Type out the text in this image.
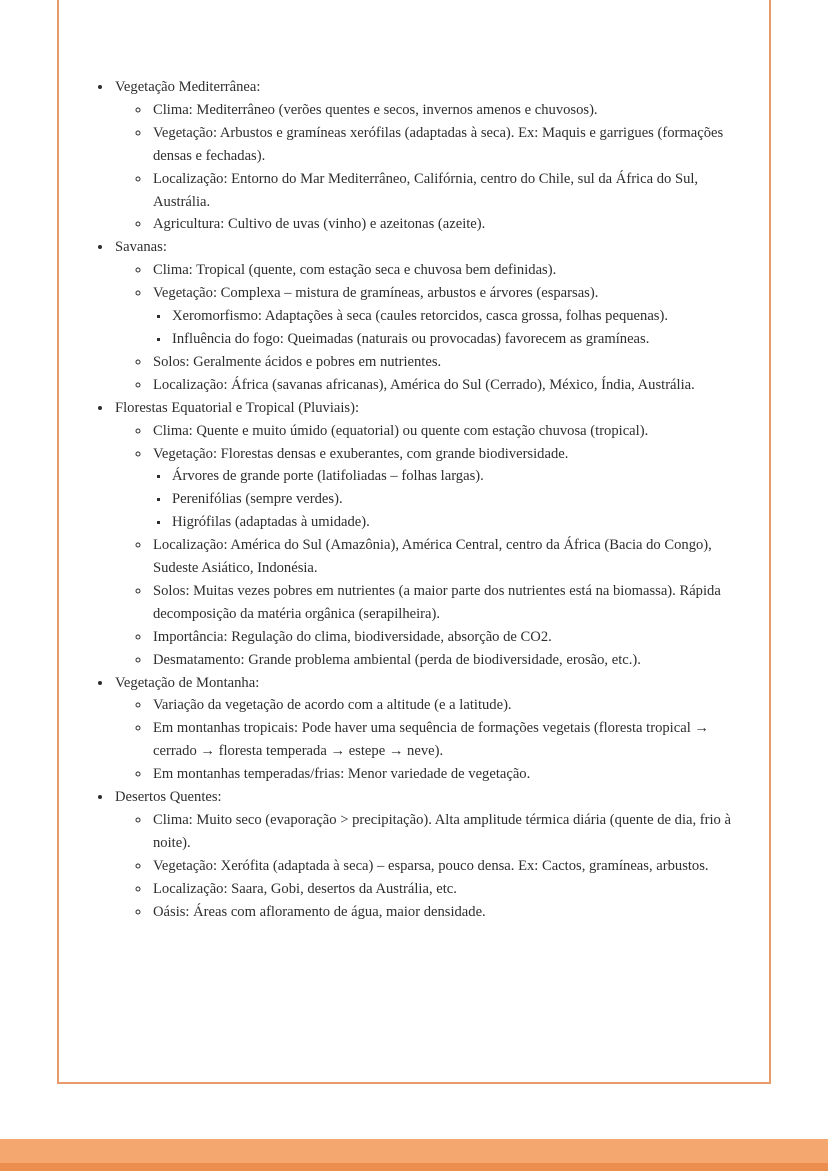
• Vegetação Mediterrânea:
◦ Clima: Mediterrâneo (verões quentes e secos, invernos amenos e chuvosos).
◦ Vegetação: Arbustos e gramíneas xerófilas (adaptadas à seca). Ex: Maquis e garrigues (formações densas e fechadas).
◦ Localização: Entorno do Mar Mediterrâneo, Califórnia, centro do Chile, sul da África do Sul, Austrália.
◦ Agricultura: Cultivo de uvas (vinho) e azeitonas (azeite).
• Savanas:
◦ Clima: Tropical (quente, com estação seca e chuvosa bem definidas).
◦ Vegetação: Complexa – mistura de gramíneas, arbustos e árvores (esparsas).
▪ Xeromorfismo: Adaptações à seca (caules retorcidos, casca grossa, folhas pequenas).
▪ Influência do fogo: Queimadas (naturais ou provocadas) favorecem as gramíneas.
◦ Solos: Geralmente ácidos e pobres em nutrientes.
◦ Localização: África (savanas africanas), América do Sul (Cerrado), México, Índia, Austrália.
• Florestas Equatorial e Tropical (Pluviais):
◦ Clima: Quente e muito úmido (equatorial) ou quente com estação chuvosa (tropical).
◦ Vegetação: Florestas densas e exuberantes, com grande biodiversidade.
▪ Árvores de grande porte (latifoliadas – folhas largas).
▪ Perenifólias (sempre verdes).
▪ Higrófilas (adaptadas à umidade).
◦ Localização: América do Sul (Amazônia), América Central, centro da África (Bacia do Congo), Sudeste Asiático, Indonésia.
◦ Solos: Muitas vezes pobres em nutrientes (a maior parte dos nutrientes está na biomassa). Rápida decomposição da matéria orgânica (serapilheira).
◦ Importância: Regulação do clima, biodiversidade, absorção de CO2.
◦ Desmatamento: Grande problema ambiental (perda de biodiversidade, erosão, etc.).
• Vegetação de Montanha:
◦ Variação da vegetação de acordo com a altitude (e a latitude).
◦ Em montanhas tropicais: Pode haver uma sequência de formações vegetais (floresta tropical → cerrado → floresta temperada → estepe → neve).
◦ Em montanhas temperadas/frias: Menor variedade de vegetação.
• Desertos Quentes:
◦ Clima: Muito seco (evaporação > precipitação). Alta amplitude térmica diária (quente de dia, frio à noite).
◦ Vegetação: Xerófita (adaptada à seca) – esparsa, pouco densa. Ex: Cactos, gramíneas, arbustos.
◦ Localização: Saara, Gobi, desertos da Austrália, etc.
◦ Oásis: Áreas com afloramento de água, maior densidade.
